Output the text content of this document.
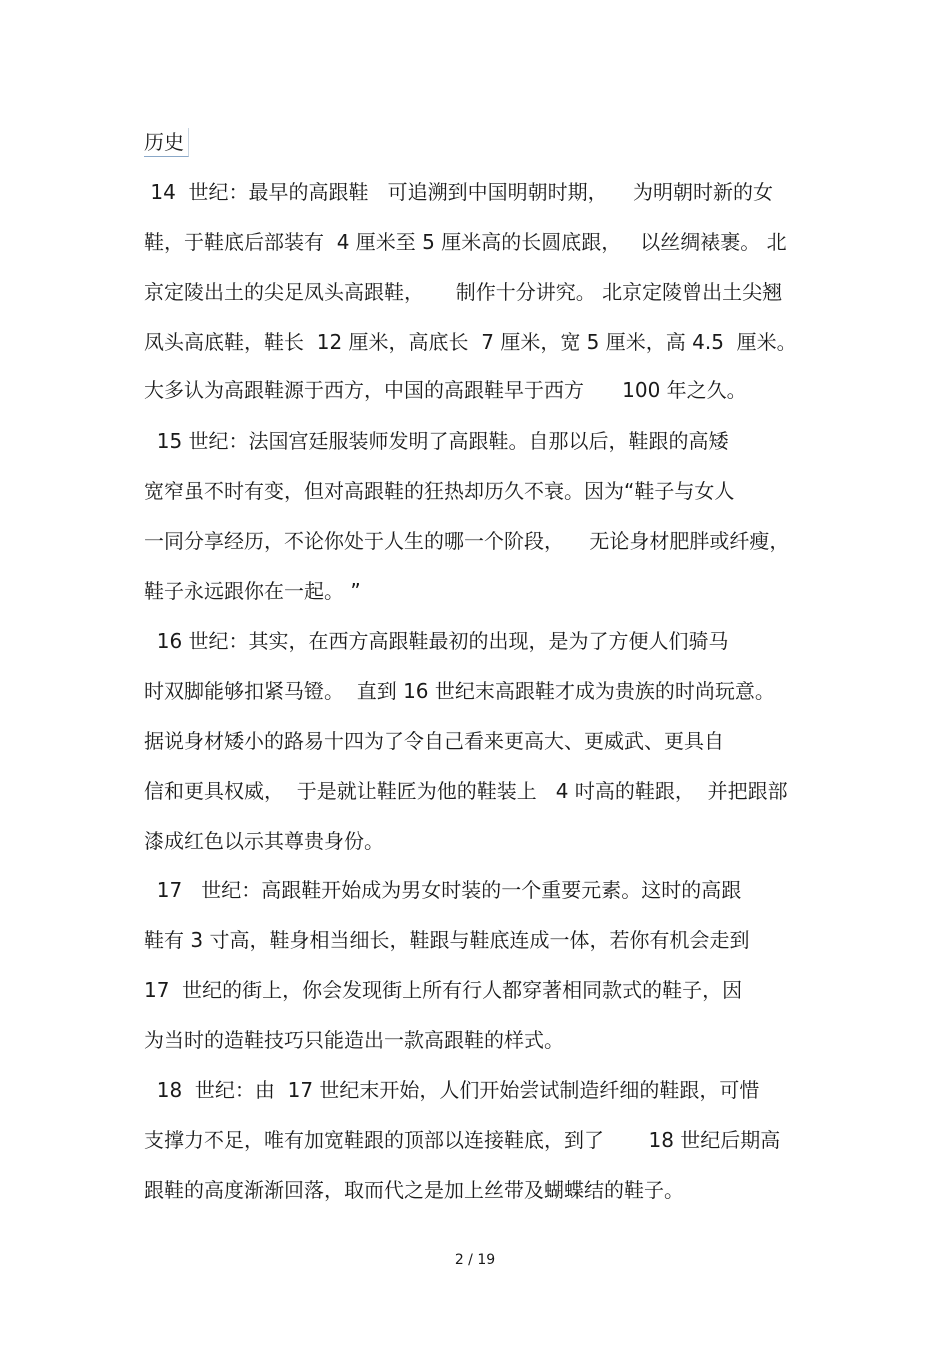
历史
14  世纪：最早的高跟鞋   可追溯到中国明朝时期，    为明朝时新的女
鞋，于鞋底后部装有  4 厘米至 5 厘米高的长圆底跟，   以丝绸裱裹。 北
京定陵出土的尖足凤头高跟鞋，     制作十分讲究。 北京定陵曾出土尖翘
凤头高底鞋，鞋长  12 厘米，高底长  7 厘米，宽 5 厘米，高 4.5  厘米。
大多认为高跟鞋源于西方，中国的高跟鞋早于西方      100 年之久。
15 世纪：法国宫廷服装师发明了高跟鞋。自那以后，鞋跟的高矮
宽窄虽不时有变，但对高跟鞋的狂热却历久不衰。因为“鞋子与女人
一同分享经历，不论你处于人生的哪一个阶段，    无论身材肥胖或纤瘦，
鞋子永远跟你在一起。 ”
16 世纪：其实，在西方高跟鞋最初的出现，是为了方便人们骑马
时双脚能够扣紧马镫。  直到 16 世纪末高跟鞋才成为贵族的时尚玩意。
据说身材矮小的路易十四为了令自己看来更高大、更威武、更具自
信和更具权威，  于是就让鞋匠为他的鞋装上   4 吋高的鞋跟，  并把跟部
漆成红色以示其尊贵身份。
17   世纪：高跟鞋开始成为男女时装的一个重要元素。这时的高跟
鞋有 3 寸高，鞋身相当细长，鞋跟与鞋底连成一体，若你有机会走到
17  世纪的街上，你会发现街上所有行人都穿著相同款式的鞋子，因
为当时的造鞋技巧只能造出一款高跟鞋的样式。
18  世纪：由  17 世纪末开始，人们开始尝试制造纤细的鞋跟，可惜
支撑力不足，唯有加宽鞋跟的顶部以连接鞋底，到了       18 世纪后期高
跟鞋的高度渐渐回落，取而代之是加上丝带及蝴蝶结的鞋子。
2 / 19
